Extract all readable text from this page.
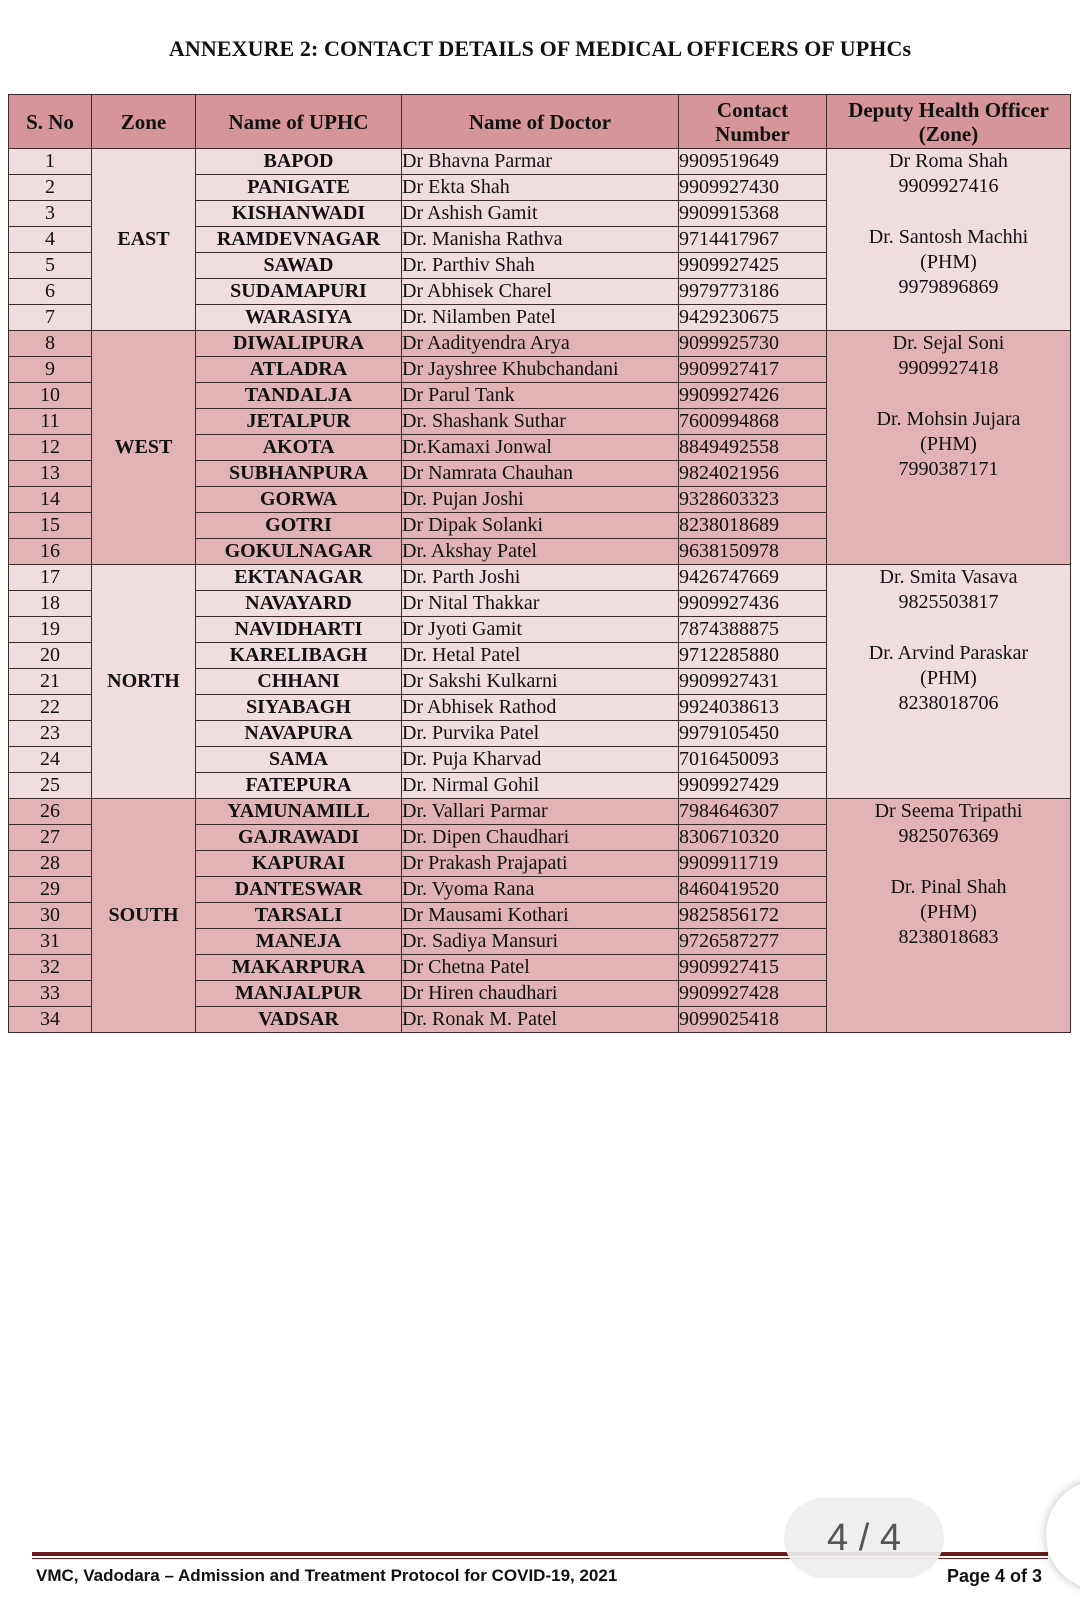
ANNEXURE 2: CONTACT DETAILS OF MEDICAL OFFICERS OF UPHCs
S. No	Zone	Name of UPHC	Name of Doctor	Contact Number	Deputy Health Officer (Zone)
1	EAST	BAPOD	Dr Bhavna Parmar	9909519649	Dr Roma Shah
9909927416
Dr. Santosh Machhi
(PHM)
9979896869

2		PANIGATE	Dr Ekta Shah	9909927430	
3		KISHANWADI	Dr Ashish Gamit	9909915368	
4		RAMDEVNAGAR	Dr. Manisha Rathva	9714417967	
5		SAWAD	Dr. Parthiv Shah	9909927425	
6		SUDAMAPURI	Dr Abhisek Charel	9979773186	
7		WARASIYA	Dr. Nilamben Patel	9429230675	
8	WEST	DIWALIPURA	Dr Aadityendra Arya	9099925730	Dr. Sejal Soni
9909927418
Dr. Mohsin Jujara
(PHM)
7990387171

9		ATLADRA	Dr Jayshree Khubchandani	9909927417	
10		TANDALJA	Dr Parul Tank	9909927426	
11		JETALPUR	Dr. Shashank Suthar	7600994868	
12		AKOTA	Dr.Kamaxi Jonwal	8849492558	
13		SUBHANPURA	Dr Namrata Chauhan	9824021956	
14		GORWA	Dr. Pujan Joshi	9328603323	
15		GOTRI	Dr Dipak Solanki	8238018689	
16		GOKULNAGAR	Dr. Akshay Patel	9638150978	
17	NORTH	EKTANAGAR	Dr. Parth Joshi	9426747669	Dr. Smita Vasava
9825503817
Dr. Arvind Paraskar
(PHM)
8238018706

18		NAVAYARD	Dr Nital Thakkar	9909927436	
19		NAVIDHARTI	Dr Jyoti Gamit	7874388875	
20		KARELIBAGH	Dr. Hetal Patel	9712285880	
21		CHHANI	Dr Sakshi Kulkarni	9909927431	
22		SIYABAGH	Dr Abhisek Rathod	9924038613	
23		NAVAPURA	Dr. Purvika Patel	9979105450	
24		SAMA	Dr. Puja Kharvad	7016450093	
25		FATEPURA	Dr. Nirmal Gohil	9909927429	
26	SOUTH	YAMUNAMILL	Dr. Vallari Parmar	7984646307	Dr Seema Tripathi
9825076369
Dr. Pinal Shah
(PHM)
8238018683

27		GAJRAWADI	Dr. Dipen Chaudhari	8306710320	
28		KAPURAI	Dr Prakash Prajapati	9909911719	
29		DANTESWAR	Dr. Vyoma Rana	8460419520	
30		TARSALI	Dr Mausami Kothari	9825856172	
31		MANEJA	Dr. Sadiya Mansuri	9726587277	
32		MAKARPURA	Dr Chetna Patel	9909927415	
33		MANJALPUR	Dr Hiren chaudhari	9909927428	
34		VADSAR	Dr. Ronak M. Patel	9099025418	
VMC, Vadodara – Admission and Treatment Protocol for COVID-19, 2021	Page 4 of 3
4 / 4
